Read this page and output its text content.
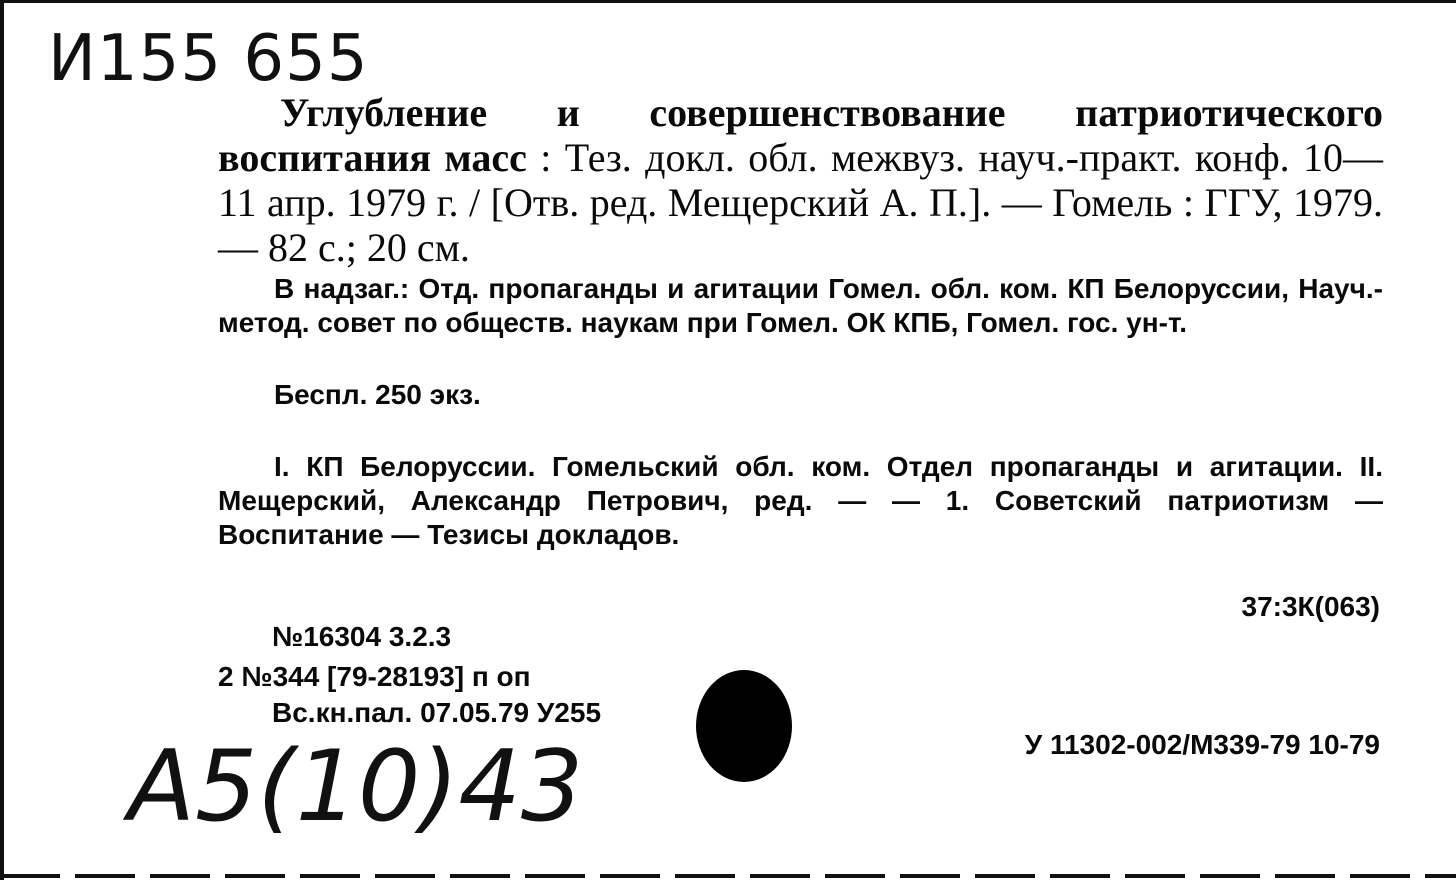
И155 655

Углубление и совершенствование патриотического воспитания масс : Тез. докл. обл. межвуз. науч.-практ. конф. 10—11 апр. 1979 г. / [Отв. ред. Мещерский А. П.]. — Гомель : ГГУ, 1979. — 82 с.; 20 см.

В надзаг.: Отд. пропаганды и агитации Гомел. обл. ком. КП Белоруссии, Науч.-метод. совет по обществ. наукам при Гомел. ОК КПБ, Гомел. гос. ун-т.

Беспл. 250 экз.

I. КП Белоруссии. Гомельский обл. ком. Отдел пропаганды и агитации. II. Мещерский, Александр Петрович, ред. — — 1. Советский патриотизм — Воспитание — Тезисы докладов.

37:3К(063)
№16304 3.2.3
2 №344 [79-28193] п оп
Вс.кн.пал. 07.05.79 У255
У 11302-002/М339-79 10-79
A5(10)43
